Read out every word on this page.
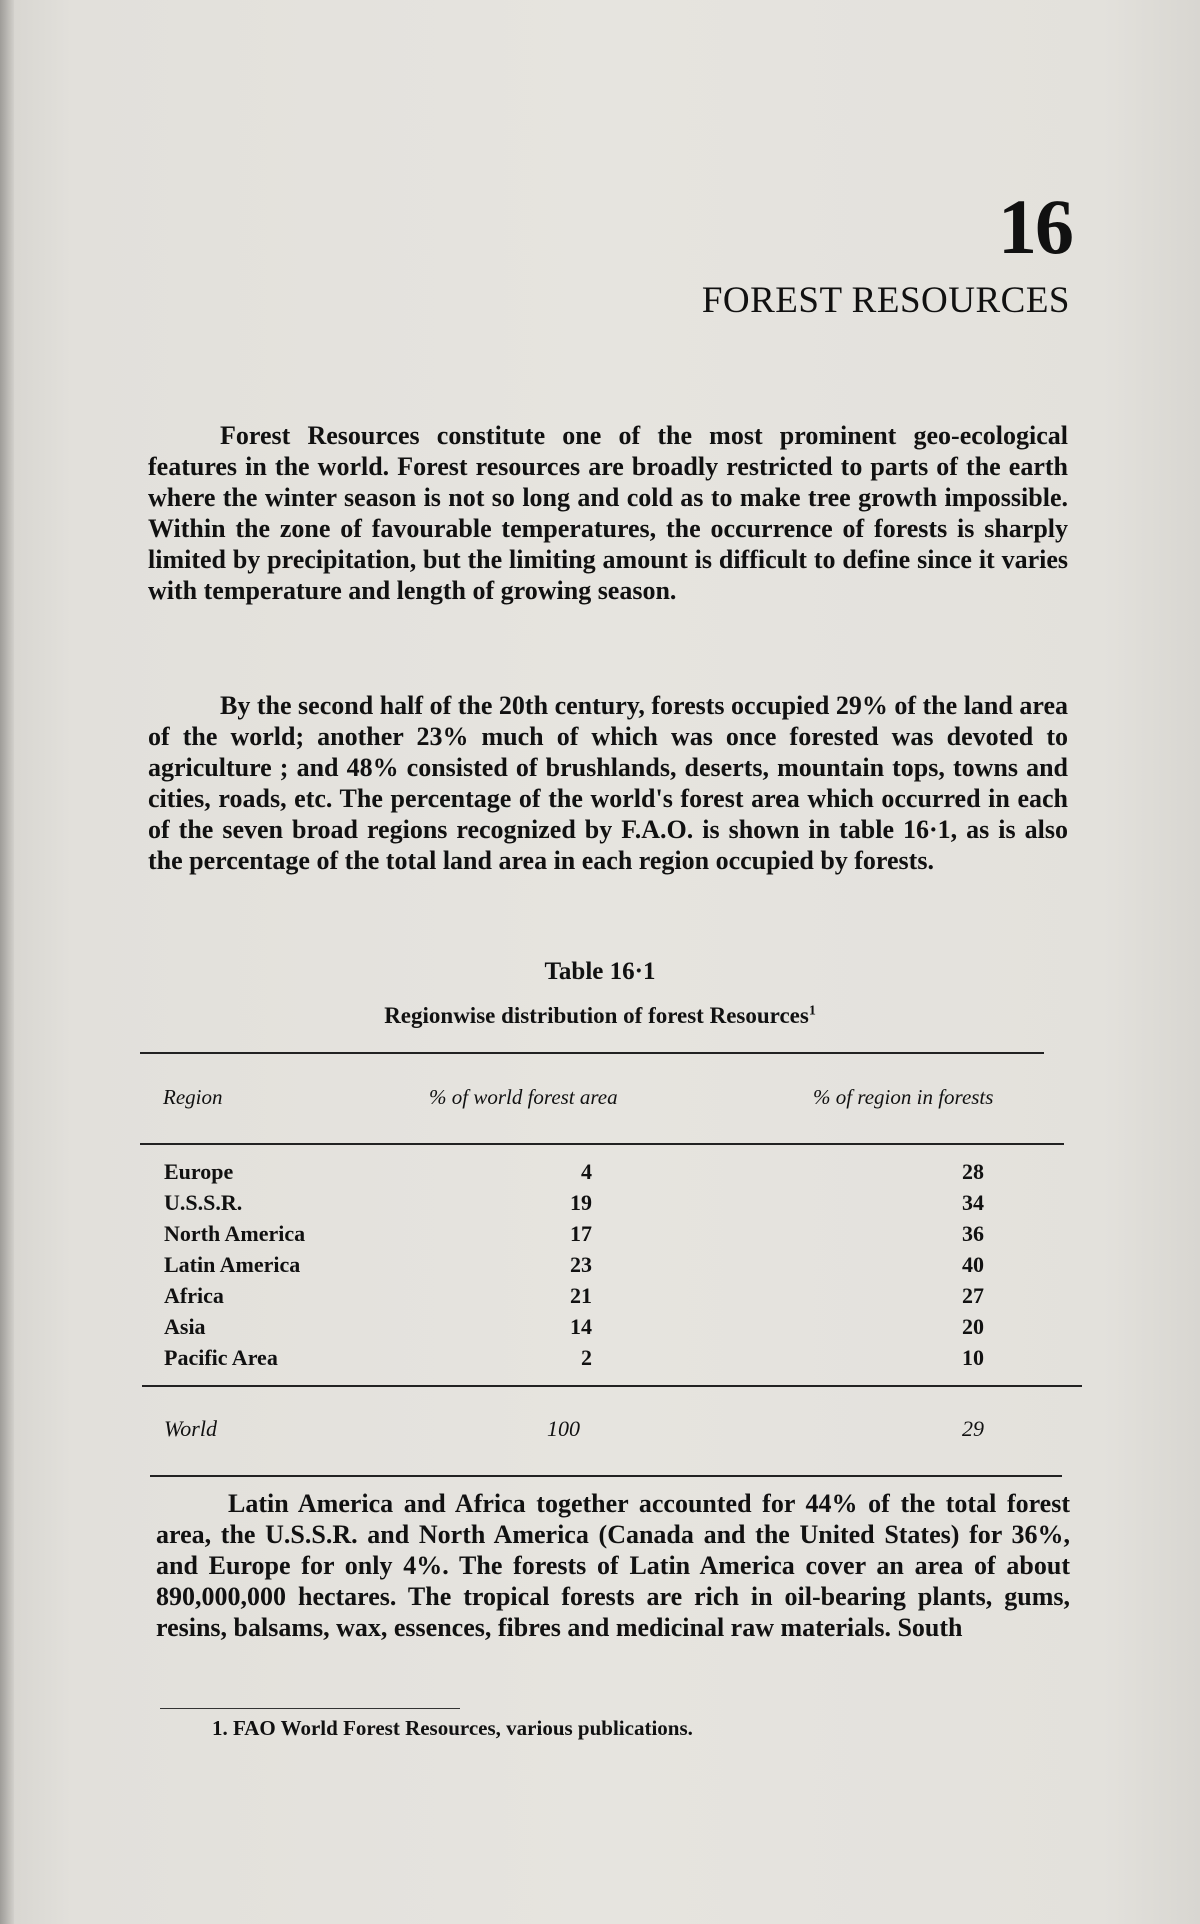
16
FOREST RESOURCES

Forest Resources constitute one of the most prominent geo-ecological features in the world. Forest resources are broadly restricted to parts of the earth where the winter season is not so long and cold as to make tree growth impossible. Within the zone of favourable temperatures, the occurrence of forests is sharply limited by precipitation, but the limiting amount is difficult to define since it varies with temperature and length of growing season.

By the second half of the 20th century, forests occupied 29% of the land area of the world; another 23% much of which was once forested was devoted to agriculture ; and 48% consisted of brushlands, deserts, mountain tops, towns and cities, roads, etc. The percentage of the world's forest area which occurred in each of the seven broad regions recognized by F.A.O. is shown in table 16·1, as is also the percentage of the total land area in each region occupied by forests.

Table 16·1
Regionwise distribution of forest Resources$^1$
Region	% of world forest area	% of region in forests
Europe	4	28
U.S.S.R.	19	34
North America	17	36
Latin America	23	40
Africa	21	27
Asia	14	20
Pacific Area	2	10
World	100	29

Latin America and Africa together accounted for 44% of the total forest area, the U.S.S.R. and North America (Canada and the United States) for 36%, and Europe for only 4%. The forests of Latin America cover an area of about 890,000,000 hectares. The tropical forests are rich in oil-bearing plants, gums, resins, balsams, wax, essences, fibres and medicinal raw materials. South

1. FAO World Forest Resources, various publications.
